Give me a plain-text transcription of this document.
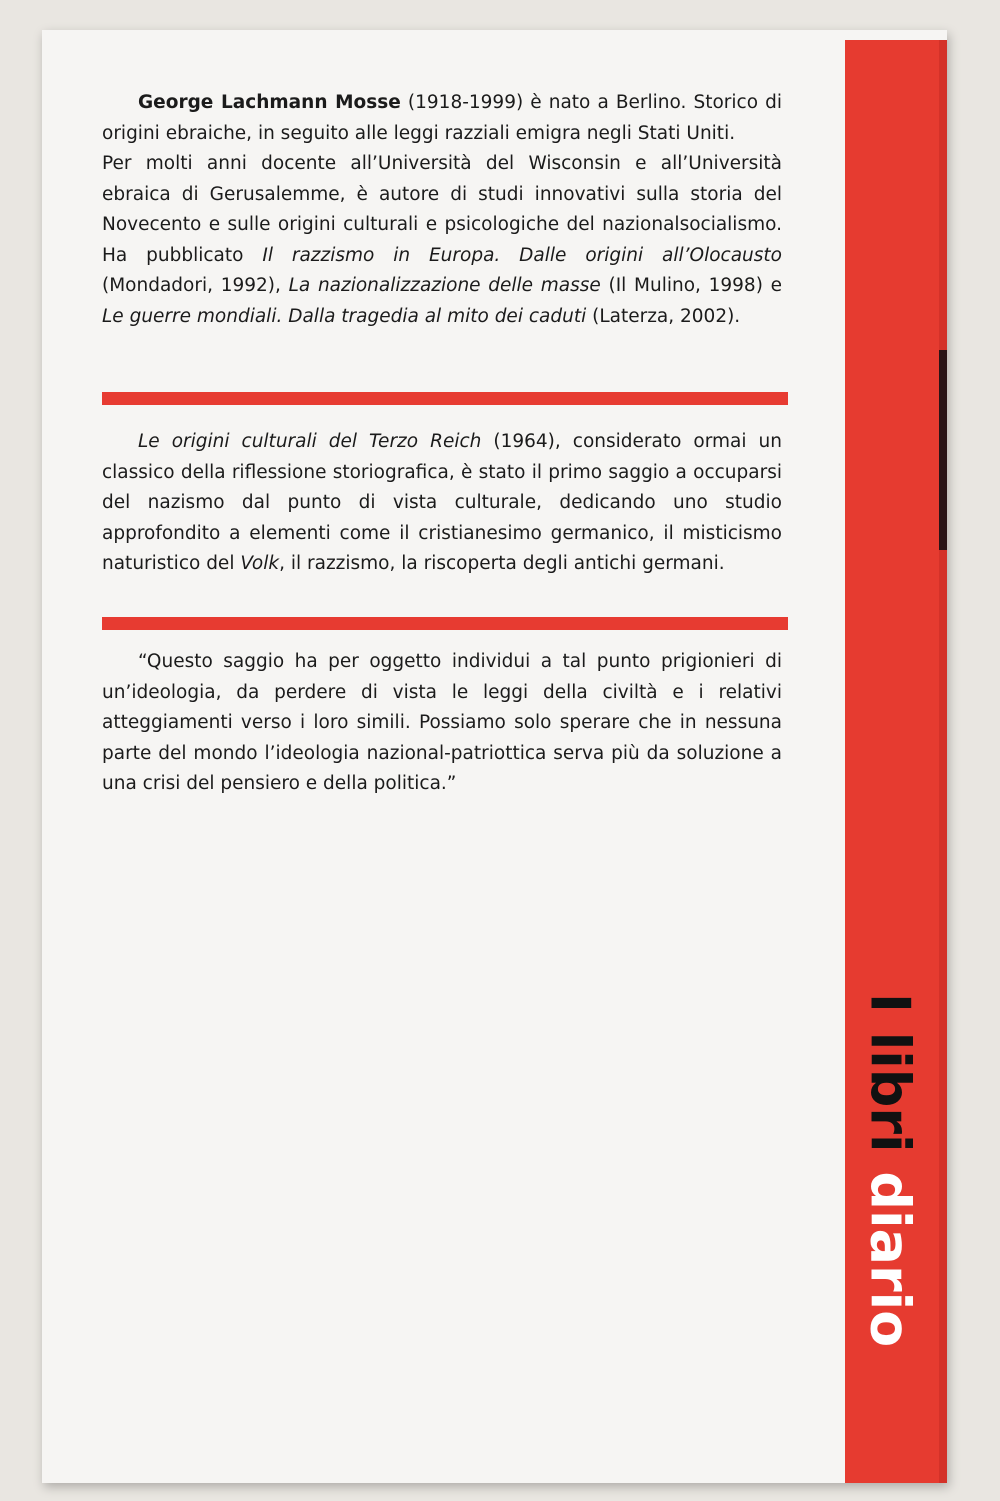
George Lachmann Mosse (1918-1999) è nato a Berlino. Storico di origini ebraiche, in seguito alle leggi razziali emigra negli Stati Uniti.

Per molti anni docente all’Università del Wisconsin e all’Università ebraica di Gerusalemme, è autore di studi innovativi sulla storia del Novecento e sulle origini culturali e psicologiche del nazionalsocialismo. Ha pubblicato Il razzismo in Europa. Dalle origini all’Olocausto (Mondadori, 1992), La nazionalizzazione delle masse (Il Mulino, 1998) e Le guerre mondiali. Dalla tragedia al mito dei caduti (Laterza, 2002).

Le origini culturali del Terzo Reich (1964), considerato ormai un classico della riflessione storiografica, è stato il primo saggio a occuparsi del nazismo dal punto di vista culturale, dedicando uno studio approfondito a elementi come il cristianesimo germanico, il misticismo naturistico del Volk, il razzismo, la riscoperta degli antichi germani.

“Questo saggio ha per oggetto individui a tal punto prigionieri di un’ideologia, da perdere di vista le leggi della civiltà e i relativi atteggiamenti verso i loro simili. Possiamo solo sperare che in nessuna parte del mondo l’ideologia nazional-patriottica serva più da soluzione a una crisi del pensiero e della politica.”

I libri diario
